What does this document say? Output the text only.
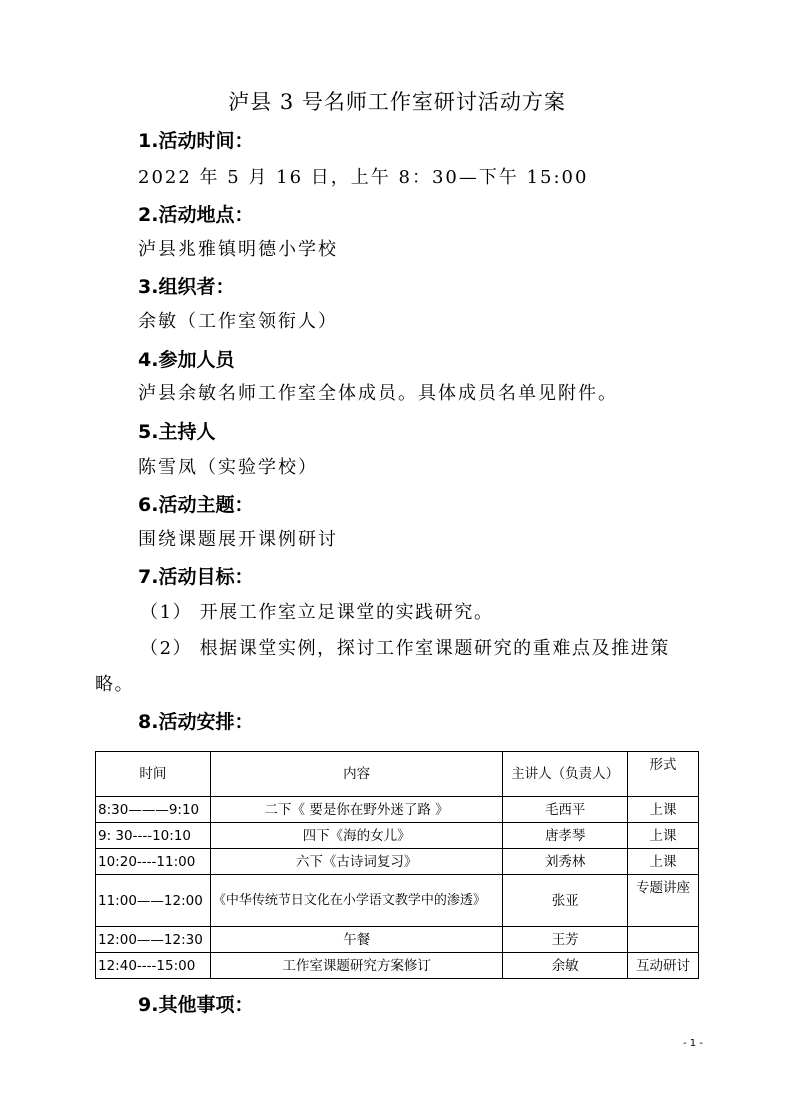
泸县 3 号名师工作室研讨活动方案
1.活动时间：
2022 年 5 月 16 日，上午 8：30—下午 15:00
2.活动地点：
泸县兆雅镇明德小学校
3.组织者：
余敏（工作室领衔人）
4.参加人员
泸县余敏名师工作室全体成员。具体成员名单见附件。
5.主持人
陈雪凤（实验学校）
6.活动主题：
围绕课题展开课例研讨
7.活动目标：
（1） 开展工作室立足课堂的实践研究。
（2） 根据课堂实例，探讨工作室课题研究的重难点及推进策
略。
8.活动安排：
时间	内容	主讲人（负责人）	形式
8:30———9:10	二下《 要是你在野外迷了路 》	毛西平	上课
9: 30----10:10	四下《海的女儿》	唐孝琴	上课
10:20----11:00	六下《古诗词复习》	刘秀林	上课
11:00——12:00	《中华传统节日文化在小学语文教学中的渗透》	张亚	专题讲座
12:00——12:30	午餐	王芳	
12:40----15:00	工作室课题研究方案修订	余敏	互动研讨
9.其他事项：
- 1 -
